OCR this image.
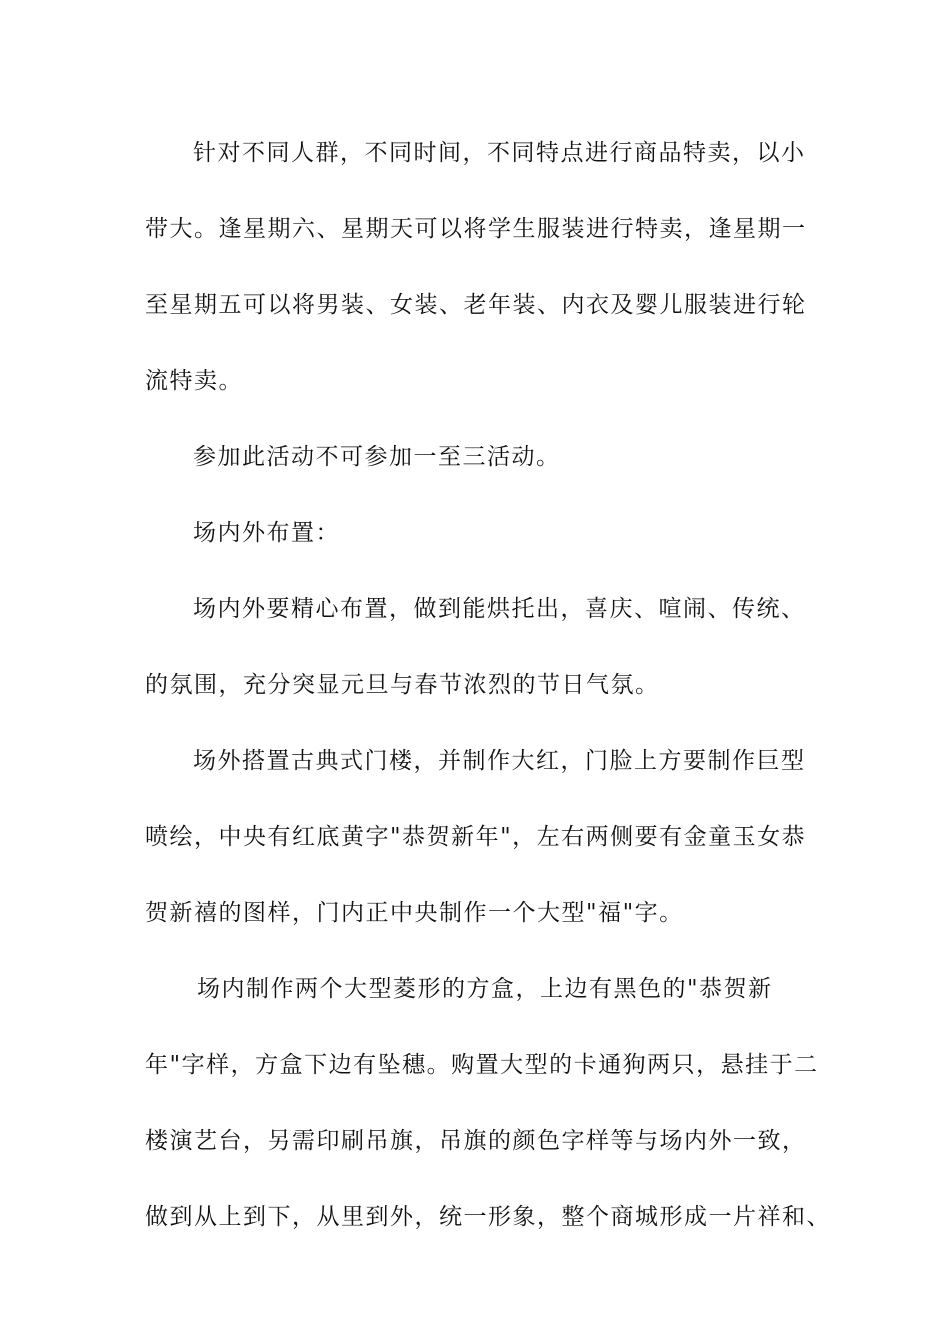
针对不同人群，不同时间，不同特点进行商品特卖，以小
带大。逢星期六、星期天可以将学生服装进行特卖，逢星期一
至星期五可以将男装、女装、老年装、内衣及婴儿服装进行轮
流特卖。
参加此活动不可参加一至三活动。
场内外布置：
场内外要精心布置，做到能烘托出，喜庆、喧闹、传统、
的氛围，充分突显元旦与春节浓烈的节日气氛。
场外搭置古典式门楼，并制作大红，门脸上方要制作巨型
喷绘，中央有红底黄字"恭贺新年"，左右两侧要有金童玉女恭
贺新禧的图样，门内正中央制作一个大型"福"字。
场内制作两个大型菱形的方盒，上边有黑色的"恭贺新
年"字样，方盒下边有坠穗。购置大型的卡通狗两只，悬挂于二
楼演艺台，另需印刷吊旗，吊旗的颜色字样等与场内外一致，
做到从上到下，从里到外，统一形象，整个商城形成一片祥和、
